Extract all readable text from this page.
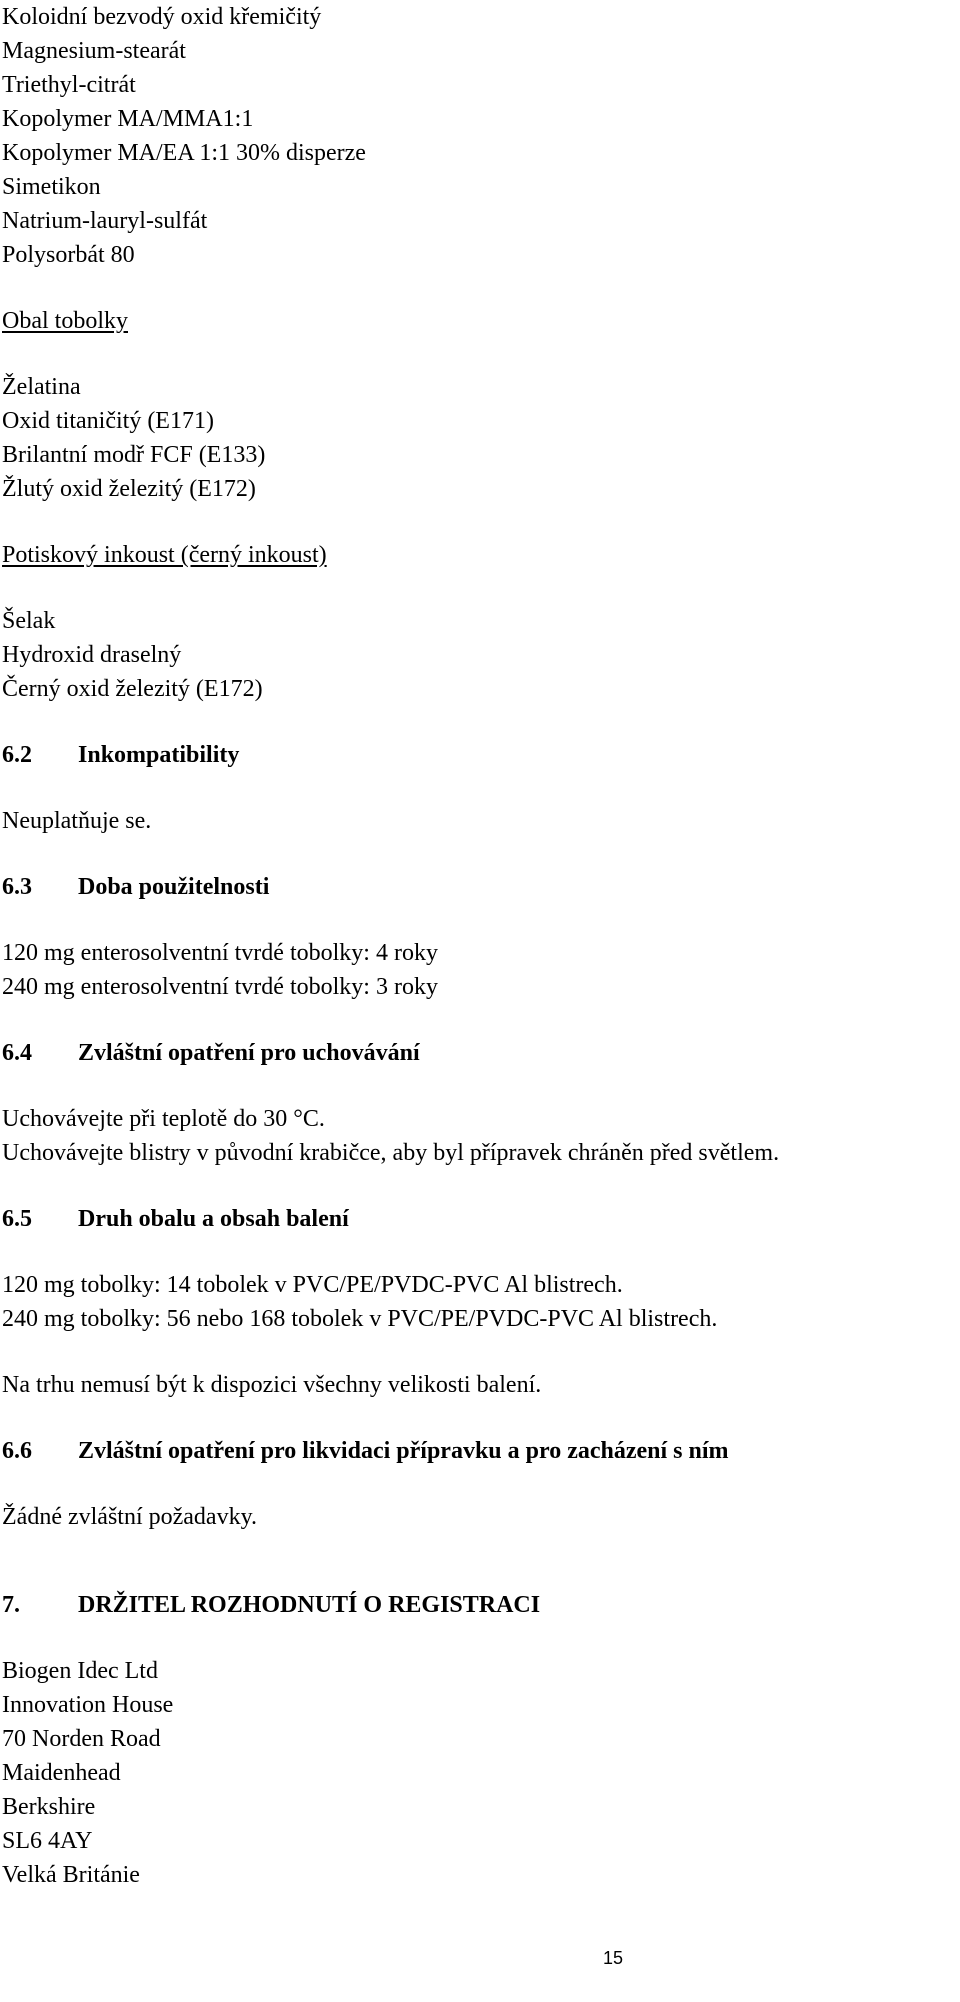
Koloidní bezvodý oxid křemičitý
Magnesium-stearát
Triethyl-citrát
Kopolymer MA/MMA1:1
Kopolymer MA/EA 1:1 30% disperze
Simetikon
Natrium-lauryl-sulfát
Polysorbát 80
Obal tobolky
Želatina
Oxid titaničitý (E171)
Brilantní modř FCF (E133)
Žlutý oxid železitý (E172)
Potiskový inkoust (černý inkoust)
Šelak
Hydroxid draselný
Černý oxid železitý (E172)
6.2	Inkompatibility
Neuplatňuje se.
6.3	Doba použitelnosti
120 mg enterosolventní tvrdé tobolky: 4 roky
240 mg enterosolventní tvrdé tobolky: 3 roky
6.4	Zvláštní opatření pro uchovávání
Uchovávejte při teplotě do 30 °C.
Uchovávejte blistry v původní krabičce, aby byl přípravek chráněn před světlem.
6.5	Druh obalu a obsah balení
120 mg tobolky: 14 tobolek v PVC/PE/PVDC-PVC Al blistrech.
240 mg tobolky: 56 nebo 168 tobolek v PVC/PE/PVDC-PVC Al blistrech.
Na trhu nemusí být k dispozici všechny velikosti balení.
6.6	Zvláštní opatření pro likvidaci přípravku a pro zacházení s ním
Žádné zvláštní požadavky.
7.	DRŽITEL ROZHODNUTÍ O REGISTRACI
Biogen Idec Ltd
Innovation House
70 Norden Road
Maidenhead
Berkshire
SL6 4AY
Velká Británie
15
